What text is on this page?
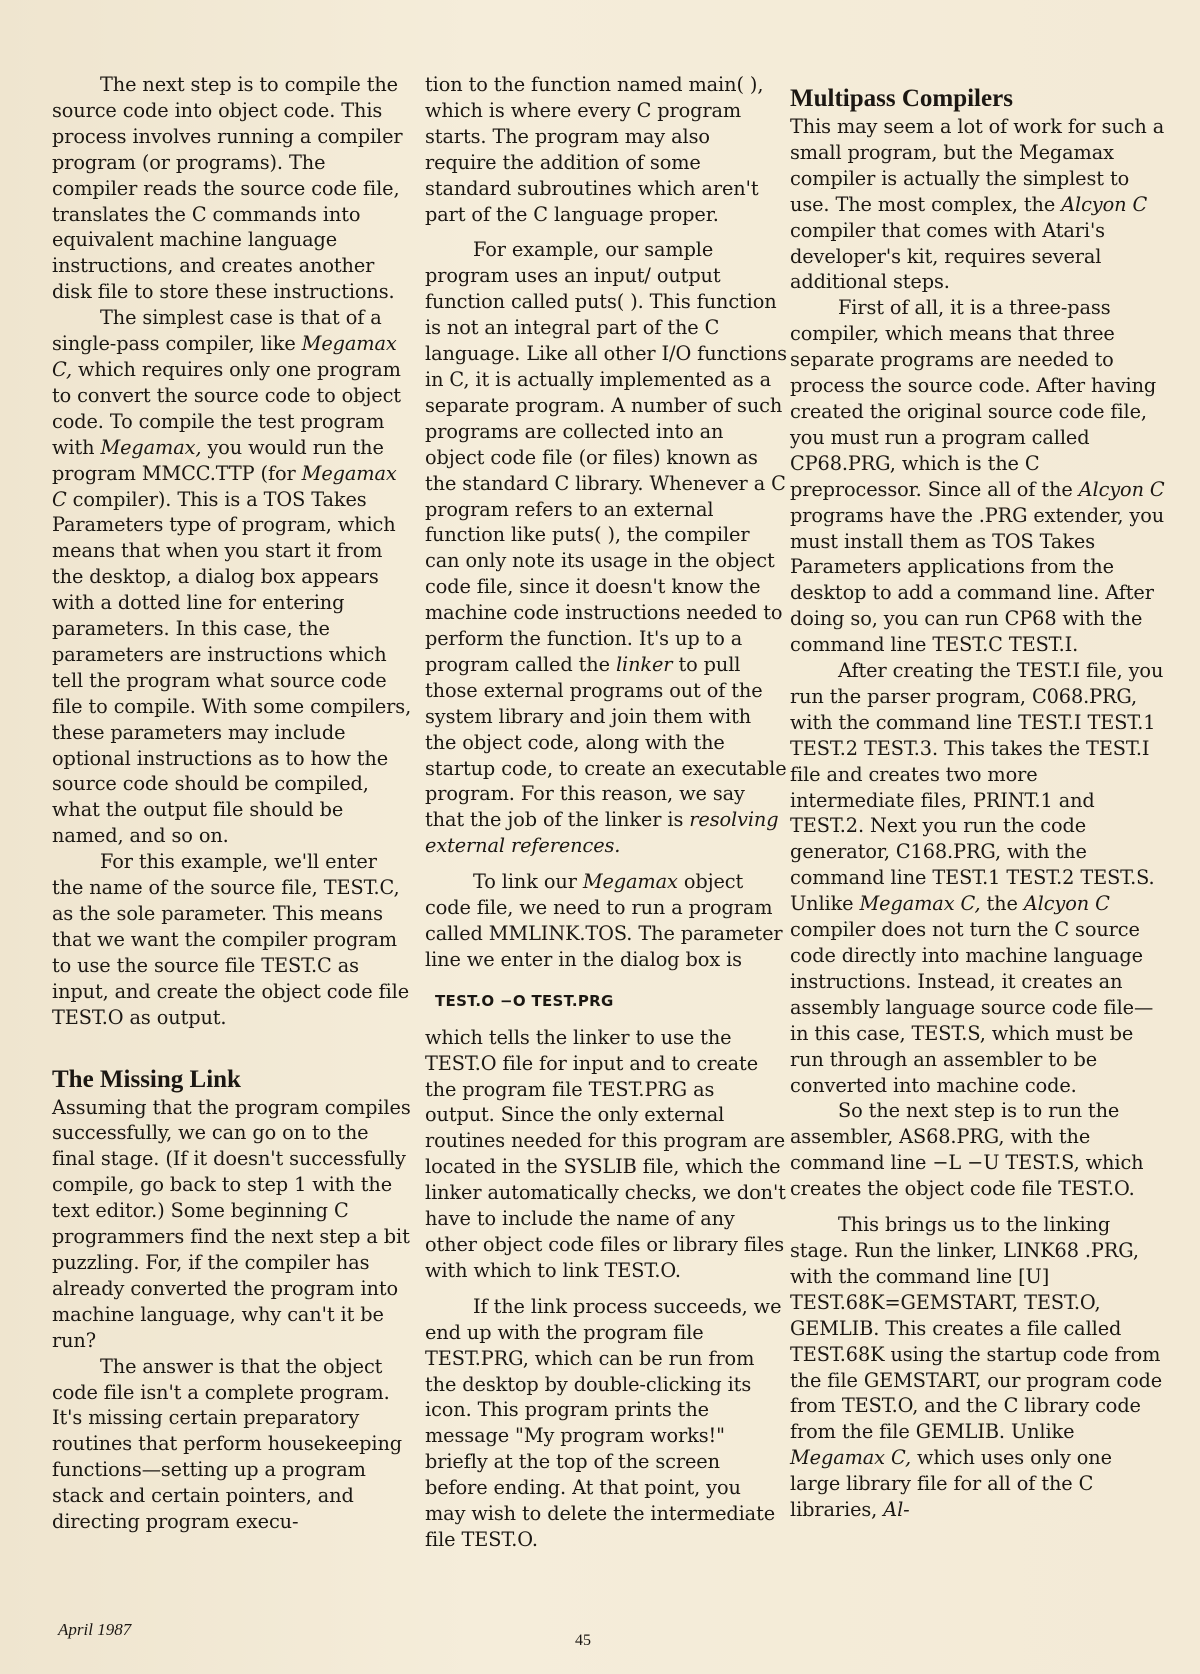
The next step is to compile the source code into object code. This process involves running a compiler program (or programs). The compiler reads the source code file, translates the C commands into equivalent machine language instructions, and creates another disk file to store these instructions.

The simplest case is that of a single-pass compiler, like Megamax C, which requires only one program to convert the source code to object code. To compile the test program with Megamax, you would run the program MMCC.TTP (for Megamax C compiler). This is a TOS Takes Parameters type of program, which means that when you start it from the desktop, a dialog box appears with a dotted line for entering parameters. In this case, the parameters are instructions which tell the program what source code file to compile. With some compilers, these parameters may include optional instructions as to how the source code should be compiled, what the output file should be named, and so on.

For this example, we'll enter the name of the source file, TEST.C, as the sole parameter. This means that we want the compiler program to use the source file TEST.C as input, and create the object code file TEST.O as output.

The Missing Link

Assuming that the program compiles successfully, we can go on to the final stage. (If it doesn't successfully compile, go back to step 1 with the text editor.) Some beginning C programmers find the next step a bit puzzling. For, if the compiler has already converted the program into machine language, why can't it be run?

The answer is that the object code file isn't a complete program. It's missing certain preparatory routines that perform housekeeping functions—setting up a program stack and certain pointers, and directing program execu-

tion to the function named main( ), which is where every C program starts. The program may also require the addition of some standard subroutines which aren't part of the C language proper.

For example, our sample program uses an input/ output function called puts( ). This function is not an integral part of the C language. Like all other I/O functions in C, it is actually implemented as a separate program. A number of such programs are collected into an object code file (or files) known as the standard C library. Whenever a C program refers to an external function like puts( ), the compiler can only note its usage in the object code file, since it doesn't know the machine code instructions needed to perform the function. It's up to a program called the linker to pull those external programs out of the system library and join them with the object code, along with the startup code, to create an executable program. For this reason, we say that the job of the linker is resolving external references.

To link our Megamax object code file, we need to run a program called MMLINK.TOS. The parameter line we enter in the dialog box is

TEST.O −O TEST.PRG

which tells the linker to use the TEST.O file for input and to create the program file TEST.PRG as output. Since the only external routines needed for this program are located in the SYSLIB file, which the linker automatically checks, we don't have to include the name of any other object code files or library files with which to link TEST.O.

If the link process succeeds, we end up with the program file TEST.PRG, which can be run from the desktop by double-clicking its icon. This program prints the message "My program works!" briefly at the top of the screen before ending. At that point, you may wish to delete the intermediate file TEST.O.

Multipass Compilers

This may seem a lot of work for such a small program, but the Megamax compiler is actually the simplest to use. The most complex, the Alcyon C compiler that comes with Atari's developer's kit, requires several additional steps.

First of all, it is a three-pass compiler, which means that three separate programs are needed to process the source code. After having created the original source code file, you must run a program called CP68.PRG, which is the C preprocessor. Since all of the Alcyon C programs have the .PRG extender, you must install them as TOS Takes Parameters applications from the desktop to add a command line. After doing so, you can run CP68 with the command line TEST.C TEST.I.

After creating the TEST.I file, you run the parser program, C068.PRG, with the command line TEST.I TEST.1 TEST.2 TEST.3. This takes the TEST.I file and creates two more intermediate files, PRINT.1 and TEST.2. Next you run the code generator, C168.PRG, with the command line TEST.1 TEST.2 TEST.S. Unlike Megamax C, the Alcyon C compiler does not turn the C source code directly into machine language instructions. Instead, it creates an assembly language source code file—in this case, TEST.S, which must be run through an assembler to be converted into machine code.

So the next step is to run the assembler, AS68.PRG, with the command line −L −U TEST.S, which creates the object code file TEST.O.

This brings us to the linking stage. Run the linker, LINK68 .PRG, with the command line [U] TEST.68K=GEMSTART, TEST.O, GEMLIB. This creates a file called TEST.68K using the startup code from the file GEMSTART, our program code from TEST.O, and the C library code from the file GEMLIB. Unlike Megamax C, which uses only one large library file for all of the C libraries, Al-

April 1987
45
